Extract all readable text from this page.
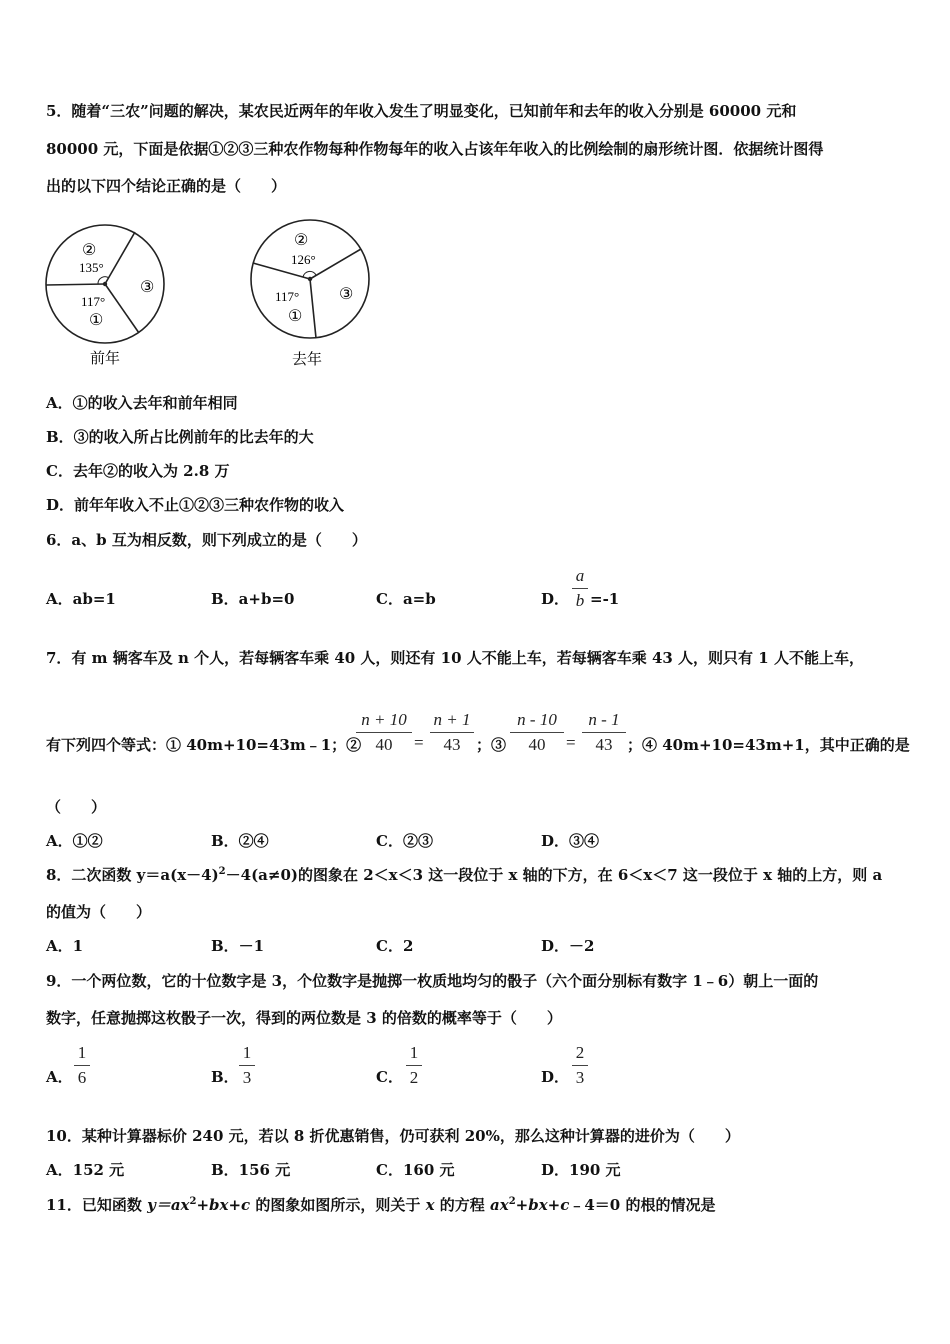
5．随着“三农”问题的解决，某农民近两年的年收入发生了明显变化，已知前年和去年的收入分别是 60000 元和
80000 元，下面是依据①②③三种农作物每种作物每年的收入占该年年收入的比例绘制的扇形统计图．依据统计图得
出的以下四个结论正确的是（　　）
②
135°
117°
①
③
前年
②
126°
117°
①
③
去年
A．①的收入去年和前年相同
B．③的收入所占比例前年的比去年的大
C．去年②的收入为 2.8 万
D．前年年收入不止①②③三种农作物的收入
6．a、b 互为相反数，则下列成立的是（　　）
A．ab=1	B．a+b=0	C．a=b	D．
a
b =-1
7．有 m 辆客车及 n 个人，若每辆客车乘 40 人，则还有 10 人不能上车，若每辆客车乘 43 人，则只有 1 人不能上车，
有下列四个等式：① 40m+10=43m﹣1；②
n + 10
40	=
n + 1
43	；③
n - 10
40	=
n - 1
43 ；④ 40m+10=43m+1，其中正确的是
（　　）
A．①②	B．②④	C．②③	D．③④
8．二次函数 $y=a(x-4)^2-4(a\ne 0)$的图象在 2＜x＜3 这一段位于 x 轴的下方，在 6＜x＜7 这一段位于 x 轴的上方，则 a
的值为（　　）
A．1	B．－1	C．2	D．－2
9．一个两位数，它的十位数字是 3，个位数字是抛掷一枚质地均匀的骰子（六个面分别标有数字 1﹣6）朝上一面的
数字，任意抛掷这枚骰子一次，得到的两位数是 3 的倍数的概率等于（　　）
A．
1
6	B．
1
3	C．
1
2	D．
2
3
10．某种计算器标价 240 元，若以 8 折优惠销售，仍可获利 20%，那么这种计算器的进价为（　　）
A．152 元	B．156 元	C．160 元	D．190 元
11．已知函数 $y=ax^2+bx+c$ 的图象如图所示，则关于 x 的方程 $ax^2+bx+c﹣4=0$ 的根的情况是
